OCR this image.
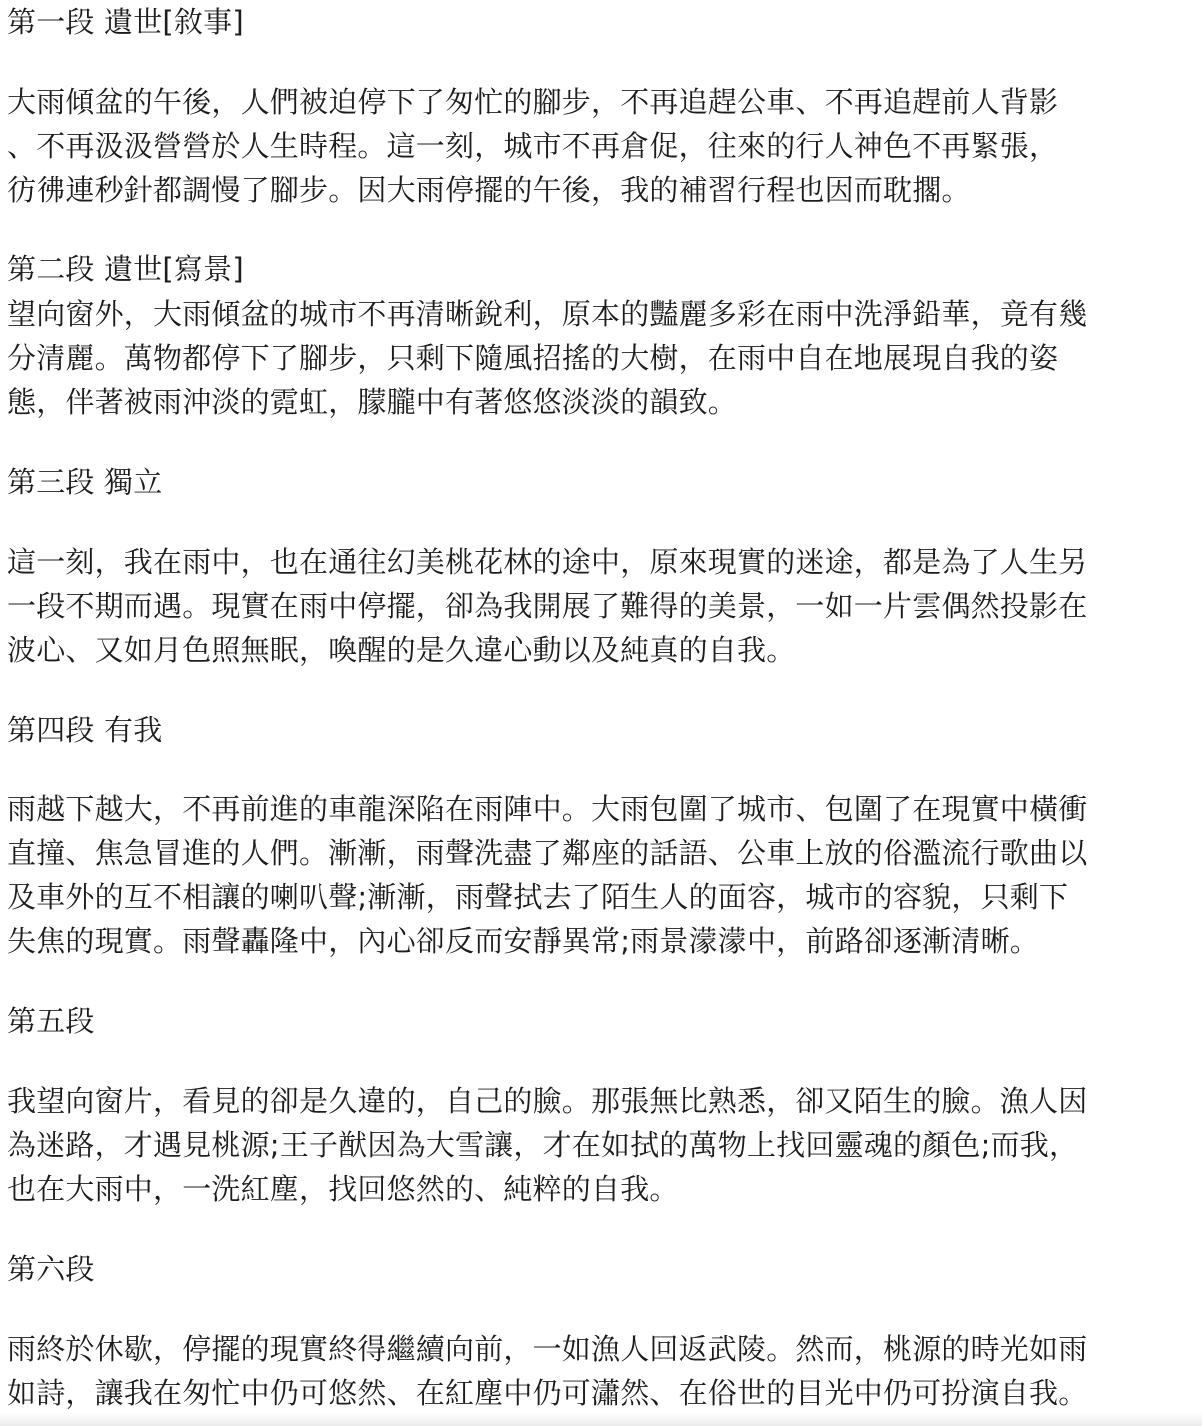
第一段 遺世[敘事]

大雨傾盆的午後，人們被迫停下了匆忙的腳步，不再追趕公車、不再追趕前人背影

、不再汲汲營營於人生時程。這一刻，城市不再倉促，往來的行人神色不再緊張，

彷彿連秒針都調慢了腳步。因大雨停擺的午後，我的補習行程也因而耽擱。

第二段 遺世[寫景]

望向窗外，大雨傾盆的城市不再清晰銳利，原本的豔麗多彩在雨中洗淨鉛華，竟有幾

分清麗。萬物都停下了腳步，只剩下隨風招搖的大樹，在雨中自在地展現自我的姿

態，伴著被雨沖淡的霓虹，朦朧中有著悠悠淡淡的韻致。

第三段 獨立

這一刻，我在雨中，也在通往幻美桃花林的途中，原來現實的迷途，都是為了人生另

一段不期而遇。現實在雨中停擺，卻為我開展了難得的美景，一如一片雲偶然投影在

波心、又如月色照無眠，喚醒的是久違心動以及純真的自我。

第四段 有我

雨越下越大，不再前進的車龍深陷在雨陣中。大雨包圍了城市、包圍了在現實中橫衝

直撞、焦急冒進的人們。漸漸，雨聲洗盡了鄰座的話語、公車上放的俗濫流行歌曲以

及車外的互不相讓的喇叭聲;漸漸，雨聲拭去了陌生人的面容，城市的容貌，只剩下

失焦的現實。雨聲轟隆中，內心卻反而安靜異常;雨景濛濛中，前路卻逐漸清晰。

第五段

我望向窗片，看見的卻是久違的，自己的臉。那張無比熟悉，卻又陌生的臉。漁人因

為迷路，才遇見桃源;王子猷因為大雪讓，才在如拭的萬物上找回靈魂的顏色;而我，

也在大雨中，一洗紅塵，找回悠然的、純粹的自我。

第六段

雨終於休歇，停擺的現實終得繼續向前，一如漁人回返武陵。然而，桃源的時光如雨

如詩，讓我在匆忙中仍可悠然、在紅塵中仍可瀟然、在俗世的目光中仍可扮演自我。
